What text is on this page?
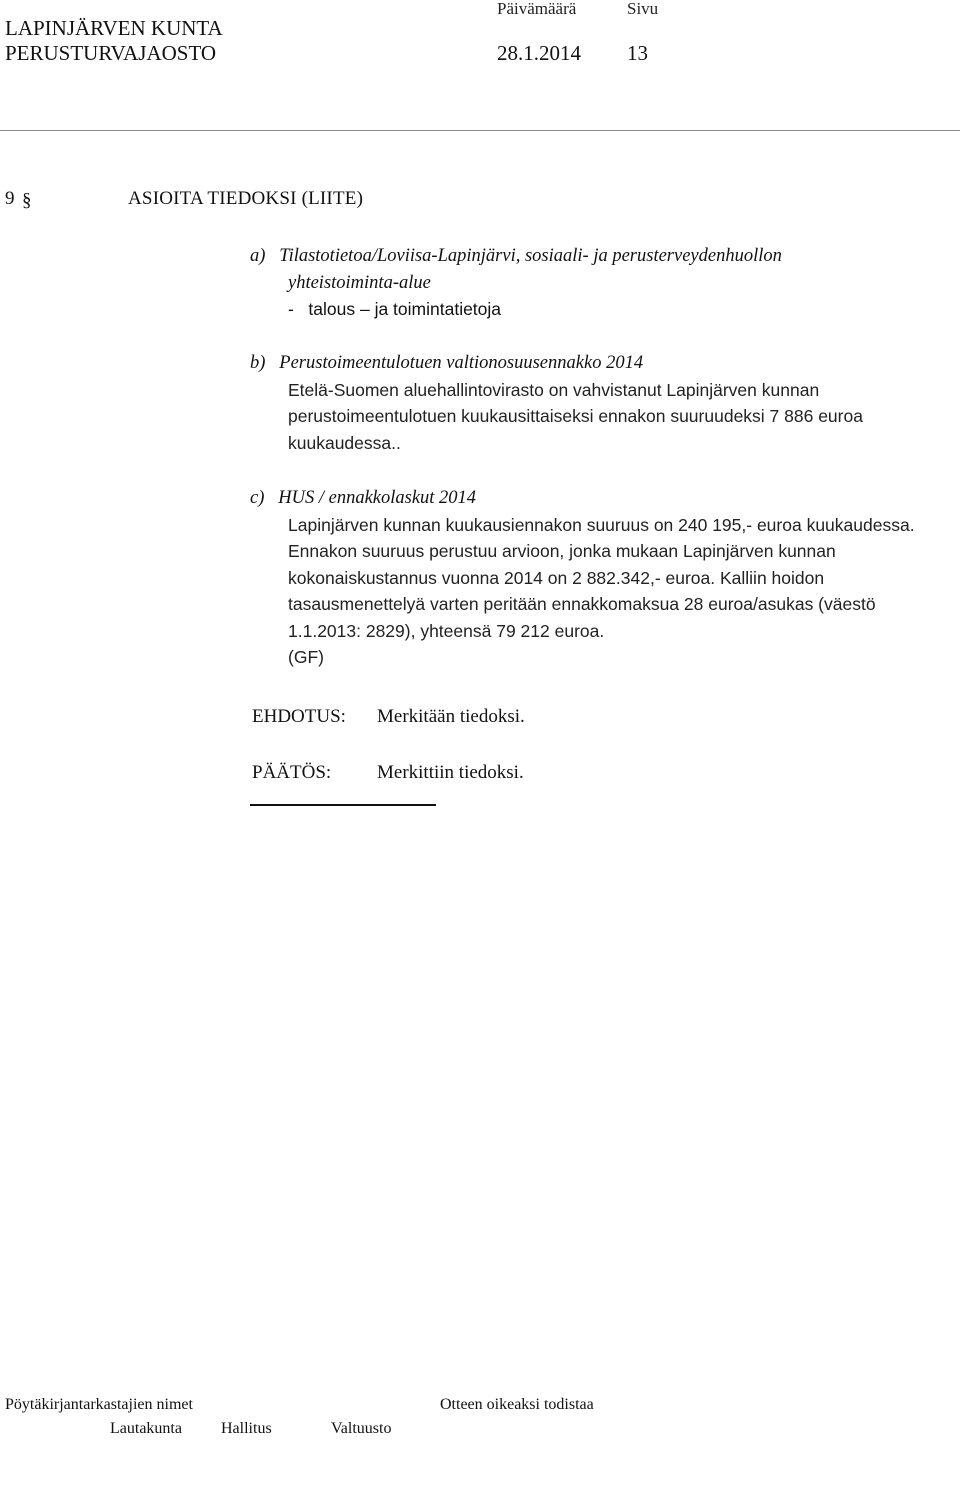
LAPINJÄRVEN KUNTA
Päivämäärä	Sivu
PERUSTURVAJAOSTO	28.1.2014 13
9 §	ASIOITA TIEDOKSI (LIITE)
a) Tilastotietoa/Loviisa-Lapinjärvi, sosiaali- ja perusterveydenhuollon
yhteistoiminta-alue
-   talous – ja toimintatietoja
b) Perustoimeentulotuen valtionosuusennakko 2014
Etelä-Suomen aluehallintovirasto on vahvistanut Lapinjärven kunnan perustoimeentulotuen kuukausittaiseksi ennakon suuruudeksi 7 886 euroa kuukaudessa..
c) HUS / ennakkolaskut 2014
Lapinjärven kunnan kuukausiennakon suuruus on 240 195,- euroa kuukaudessa. Ennakon suuruus perustuu arvioon, jonka mukaan Lapinjärven kunnan kokonaiskustannus vuonna 2014 on 2 882.342,- euroa. Kalliin hoidon tasausmenettelyä varten peritään ennakkomaksua 28 euroa/asukas (väestö 1.1.2013: 2829), yhteensä 79 212 euroa.
(GF)
EHDOTUS: Merkitään tiedoksi.
PÄÄTÖS: Merkittiin tiedoksi.
Pöytäkirjantarkastajien nimet	Otteen oikeaksi todistaa
Lautakunta Hallitus	Valtuusto
